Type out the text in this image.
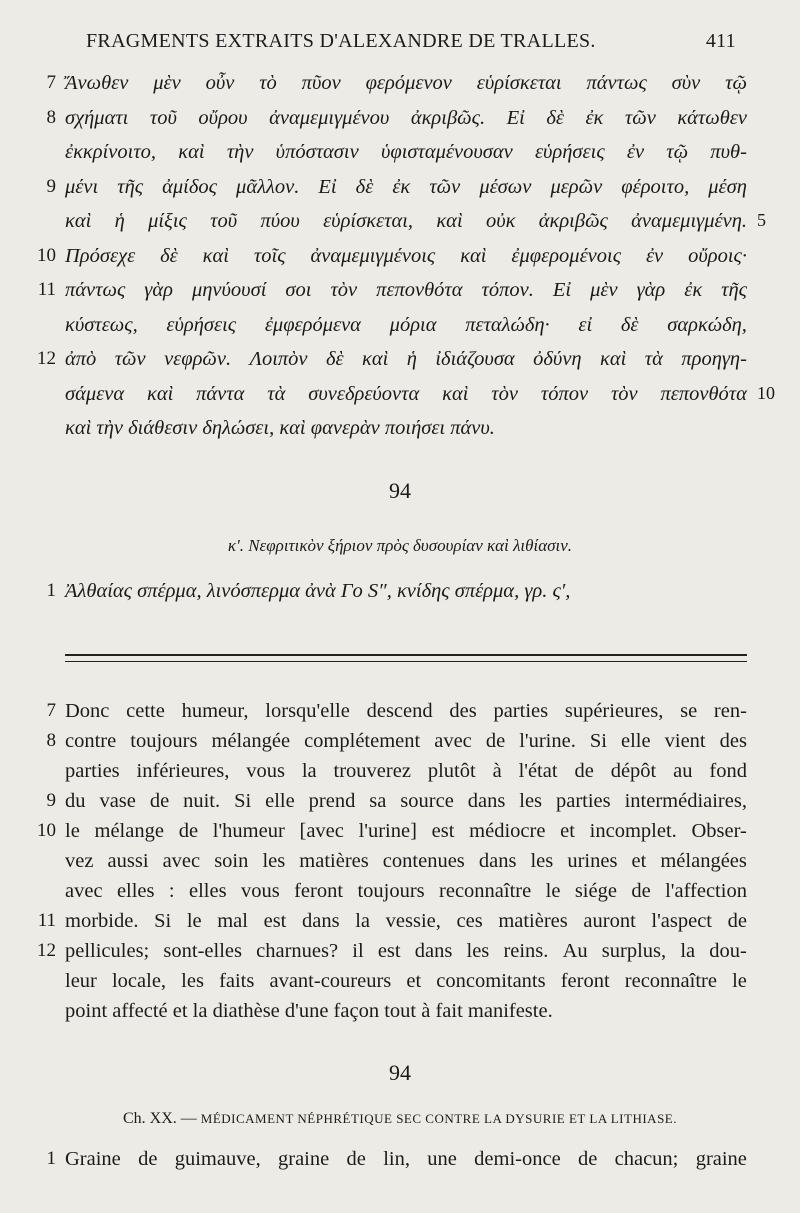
FRAGMENTS EXTRAITS D'ALEXANDRE DE TRALLES.	411
7 Ἄνωθεν μὲν οὖν τὸ πῦον φερόμενον εὑρίσκεται πάντως σὺν τῷ
8 σχήματι τοῦ οὔρου ἀναμεμιγμένου ἀκριβῶς. Εἰ δὲ ἐκ τῶν κάτωθεν
ἐκκρίνοιτο, καὶ τὴν ὑπόστασιν ὑφισταμένουσαν εὑρήσεις ἐν τῷ πυθ-
9 μένι τῆς ἀμίδος μᾶλλον. Εἰ δὲ ἐκ τῶν μέσων μερῶν φέροιτο, μέση
καὶ ἡ μίξις τοῦ πύου εὑρίσκεται, καὶ οὐκ ἀκριβῶς ἀναμεμιγμένη. 5
10 Πρόσεχε δὲ καὶ τοῖς ἀναμεμιγμένοις καὶ ἐμφερομένοις ἐν οὔροις·
11 πάντως γὰρ μηνύουσί σοι τὸν πεπονθότα τόπον. Εἰ μὲν γὰρ ἐκ τῆς
κύστεως, εὑρήσεις ἐμφερόμενα μόρια πεταλώδη· εἰ δὲ σαρκώδη,
12 ἀπὸ τῶν νεφρῶν. Λοιπὸν δὲ καὶ ἡ ἰδιάζουσα ὀδύνη καὶ τὰ προηγη-
σάμενα καὶ πάντα τὰ συνεδρεύοντα καὶ τὸν τόπον τὸν πεπονθότα 10
καὶ τὴν διάθεσιν δηλώσει, καὶ φανερὰν ποιήσει πάνυ.
94
κ'. Νεφριτικὸν ξήριον πρὸς δυσουρίαν καὶ λιθίασιν.
1 Ἀλθαίας σπέρμα, λινόσπερμα ἀνὰ Γο S″, κνίδης σπέρμα, γρ. ς′,
7 Donc cette humeur, lorsqu'elle descend des parties supérieures, se ren-
8 contre toujours mélangée complétement avec de l'urine. Si elle vient des
parties inférieures, vous la trouverez plutôt à l'état de dépôt au fond
9 du vase de nuit. Si elle prend sa source dans les parties intermédiaires,
10 le mélange de l'humeur [avec l'urine] est médiocre et incomplet. Obser-
vez aussi avec soin les matières contenues dans les urines et mélangées
avec elles : elles vous feront toujours reconnaître le siége de l'affection
11 morbide. Si le mal est dans la vessie, ces matières auront l'aspect de
12 pellicules; sont-elles charnues? il est dans les reins. Au surplus, la dou-
leur locale, les faits avant-coureurs et concomitants feront reconnaître le
point affecté et la diathèse d'une façon tout à fait manifeste.
94
Ch. XX. — MÉDICAMENT NÉPHRÉTIQUE SEC CONTRE LA DYSURIE ET LA LITHIASE.
1 Graine de guimauve, graine de lin, une demi-once de chacun; graine
